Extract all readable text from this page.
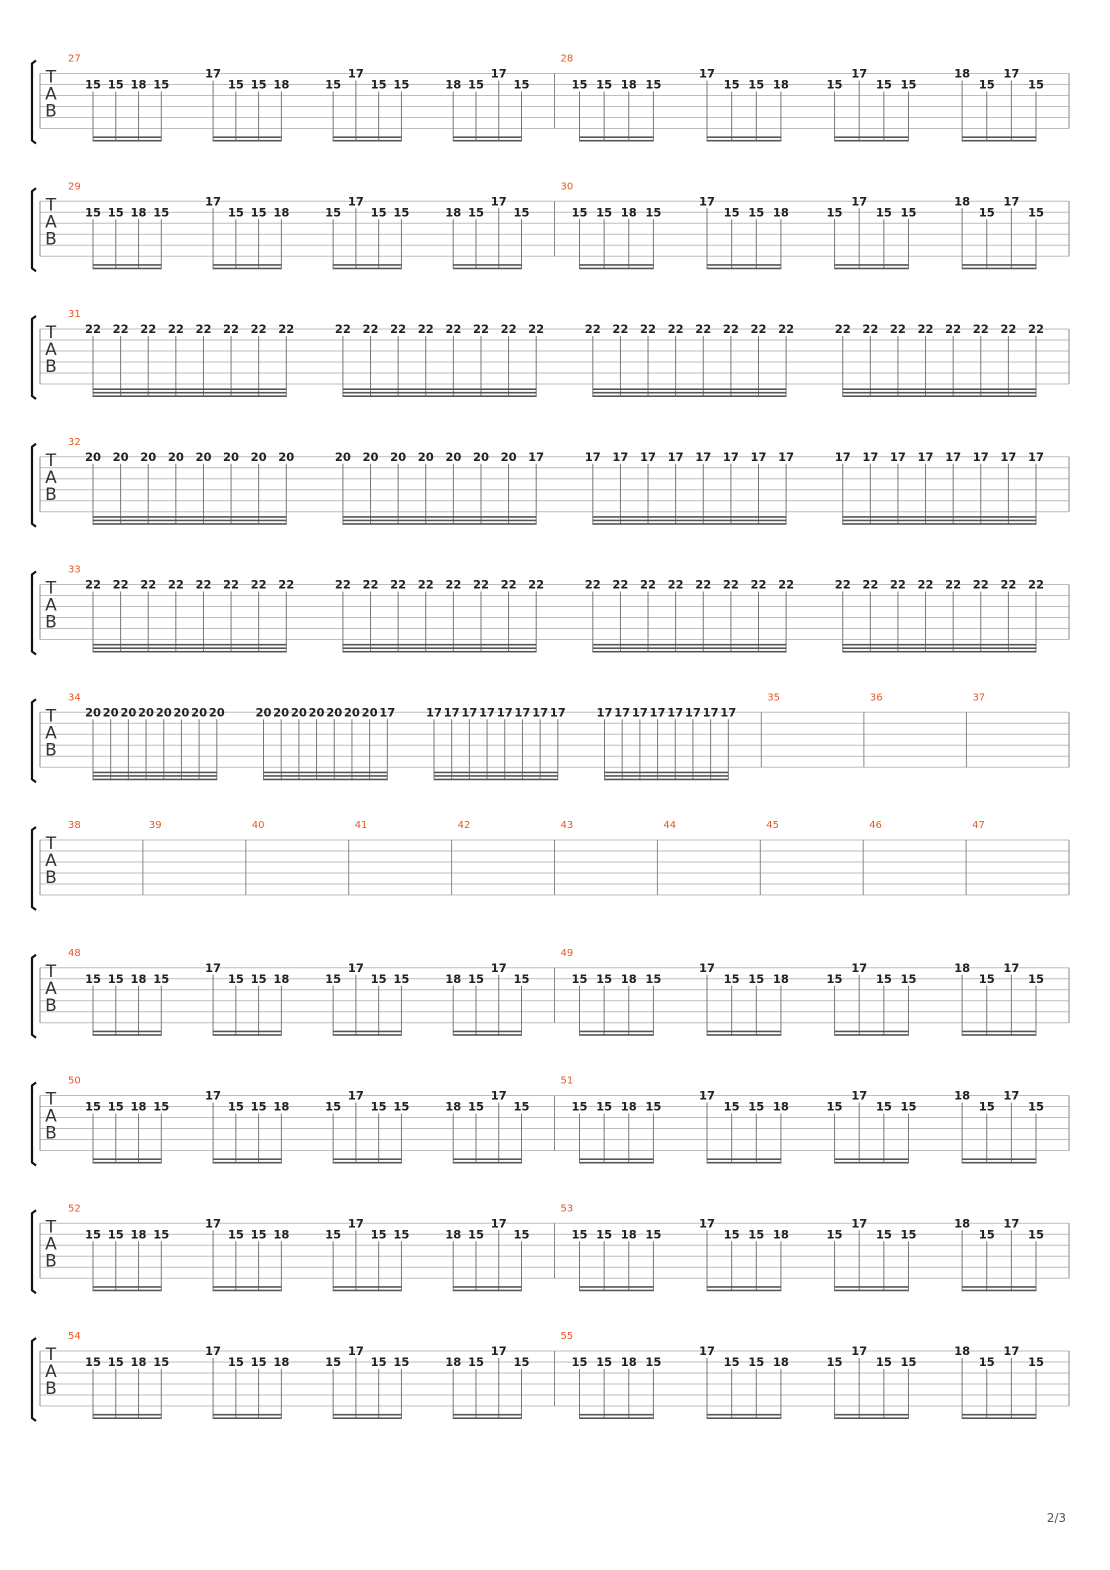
T
A
B
27
15 15 18 15
17
15 15 18	15
17
15 15	18 15
17
15
28
15 15 18 15
17
15 15 18	15
17
15 15
18
15
17
15
T
A
B
29
15 15 18 15
17
15 15 18	15
17
15 15	18 15
17
15
30
15 15 18 15
17
15 15 18	15
17
15 15
18
15
17
15
T
A
B
31
22 22 22 22 22 22 22 22	22 22 22 22 22 22 22 22	22 22 22 22 22 22 22 22	22 22 22 22 22 22 22 22
T
A
B
32
20 20 20 20 20 20 20 20	20 20 20 20 20 20 20 17	17 17 17 17 17 17 17 17	17 17 17 17 17 17 17 17
T
A
B
33
22 22 22 22 22 22 22 22	22 22 22 22 22 22 22 22	22 22 22 22 22 22 22 22	22 22 22 22 22 22 22 22
T
A
B
34
20 20 20 20 20 20 20 20	20 20 20 20 20 20 20 17	17 17 17 17 17 17 17 17	17 17 17 17 17 17 17 17
35	36	37
T
A
B
38	39	40	41	42	43	44	45	46	47
T
A
B
48
15 15 18 15
17
15 15 18	15
17
15 15	18 15
17
15
49
15 15 18 15
17
15 15 18	15
17
15 15
18
15
17
15
T
A
B
50
15 15 18 15
17
15 15 18	15
17
15 15	18 15
17
15
51
15 15 18 15
17
15 15 18	15
17
15 15
18
15
17
15
T
A
B
52
15 15 18 15
17
15 15 18	15
17
15 15	18 15
17
15
53
15 15 18 15
17
15 15 18	15
17
15 15
18
15
17
15
T
A
B
54
15 15 18 15
17
15 15 18	15
17
15 15	18 15
17
15
55
15 15 18 15
17
15 15 18	15
17
15 15
18
15
17
15
2/3
